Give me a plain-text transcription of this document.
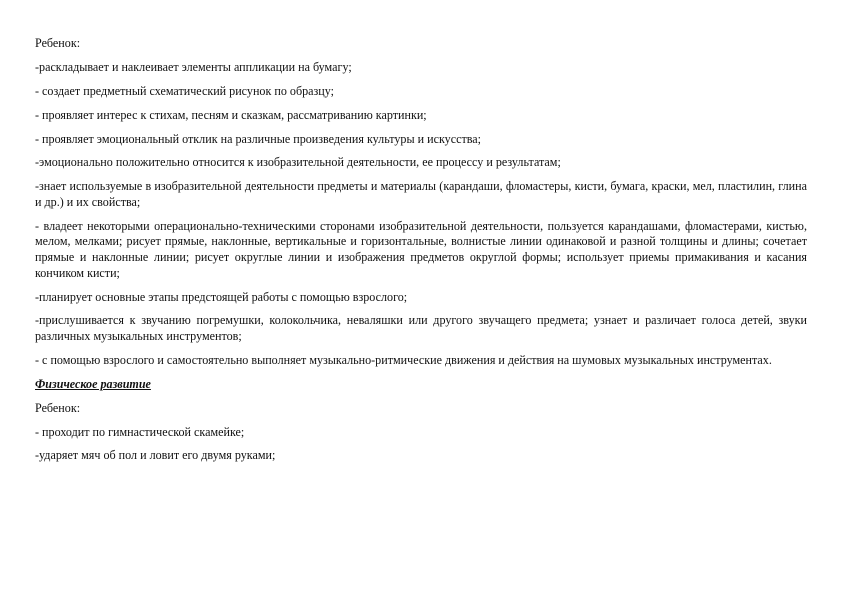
Ребенок:

-раскладывает и наклеивает элементы аппликации на бумагу;

- создает предметный схематический рисунок по образцу;

- проявляет интерес к стихам, песням и сказкам, рассматриванию картинки;

- проявляет эмоциональный отклик на различные произведения культуры и искусства;

-эмоционально положительно относится к изобразительной деятельности, ее процессу и результатам;

-знает используемые в изобразительной деятельности предметы и материалы (карандаши, фломастеры, кисти, бумага, краски, мел, пластилин, глина и др.) и их свойства;

- владеет некоторыми операционально-техническими сторонами изобразительной деятельности, пользуется карандашами, фломастерами, кистью, мелом, мелками; рисует прямые, наклонные, вертикальные и горизонтальные, волнистые линии одинаковой и разной толщины и длины; сочетает прямые и наклонные линии; рисует округлые линии и изображения предметов округлой формы; использует приемы примакивания и касания кончиком кисти;

-планирует основные этапы предстоящей работы с помощью взрослого;

-прислушивается к звучанию погремушки, колокольчика, неваляшки или другого звучащего предмета; узнает и различает голоса детей, звуки различных музыкальных инструментов;

- с помощью взрослого и самостоятельно выполняет музыкально-ритмические движения и действия на шумовых музыкальных инструментах.

Физическое развитие

Ребенок:

- проходит по гимнастической скамейке;

-ударяет мяч об пол и ловит его двумя руками;
